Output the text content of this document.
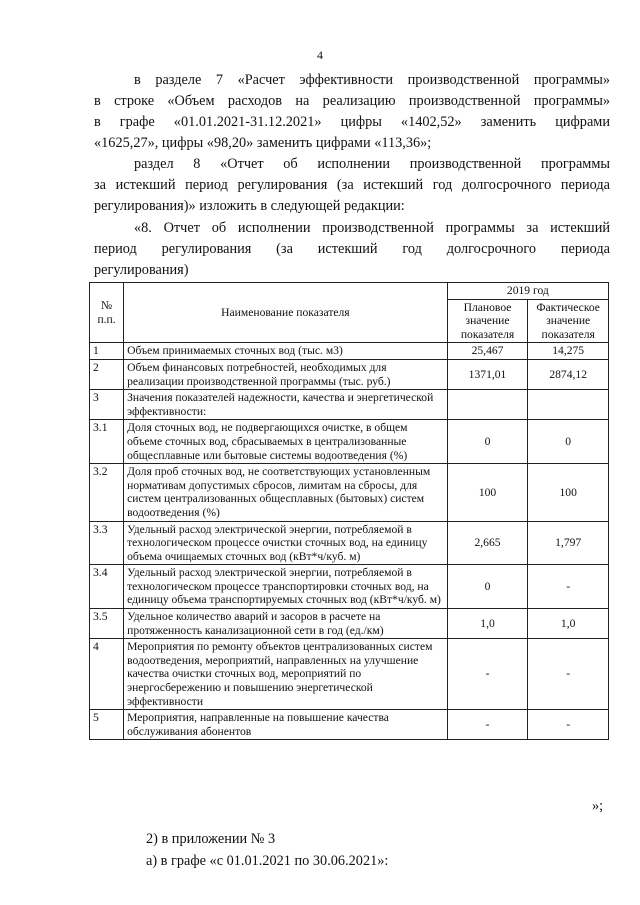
4

в разделе 7 «Расчет эффективности производственной программы»

в строке «Объем расходов на реализацию производственной программы»

в графе «01.01.2021-31.12.2021» цифры «1402,52» заменить цифрами

«1625,27», цифры «98,20» заменить цифрами «113,36»;

раздел 8 «Отчет об исполнении производственной программы

за истекший период регулирования (за истекший год долгосрочного периода

регулирования)» изложить в следующей редакции:

«8. Отчет об исполнении производственной программы за истекший

период регулирования (за истекший год долгосрочного периода

регулирования)

№ п.п.	Наименование показателя	2019 год	
		Плановое значение показателя	Фактическое значение показателя
1	Объем принимаемых сточных вод (тыс. м3)	25,467	14,275
2	Объем финансовых потребностей, необходимых для реализации производственной программы (тыс. руб.)	1371,01	2874,12
3	Значения показателей надежности, качества и энергетической эффективности:		
3.1	Доля сточных вод, не подвергающихся очистке, в общем объеме сточных вод, сбрасываемых в централизованные общесплавные или бытовые системы водоотведения (%)	0	0
3.2	Доля проб сточных вод, не соответствующих установленным нормативам допустимых сбросов, лимитам на сбросы, для систем централизованных общесплавных (бытовых) систем водоотведения (%)	100	100
3.3	Удельный расход электрической энергии, потребляемой в технологическом процессе очистки сточных вод, на единицу объема очищаемых сточных вод (кВт*ч/куб. м)	2,665	1,797
3.4	Удельный расход электрической энергии, потребляемой в технологическом процессе транспортировки сточных вод, на единицу объема транспортируемых сточных вод (кВт*ч/куб. м)	0	-
3.5	Удельное количество аварий и засоров в расчете на протяженность канализационной сети в год (ед./км)	1,0	1,0
4	Мероприятия по ремонту объектов централизованных систем водоотведения, мероприятий, направленных на улучшение качества очистки сточных вод, мероприятий по энергосбережению и повышению энергетической эффективности	-	-
5	Мероприятия, направленные на повышение качества обслуживания абонентов	-	-
»;
2) в приложении № 3
а) в графе «с 01.01.2021 по 30.06.2021»:
